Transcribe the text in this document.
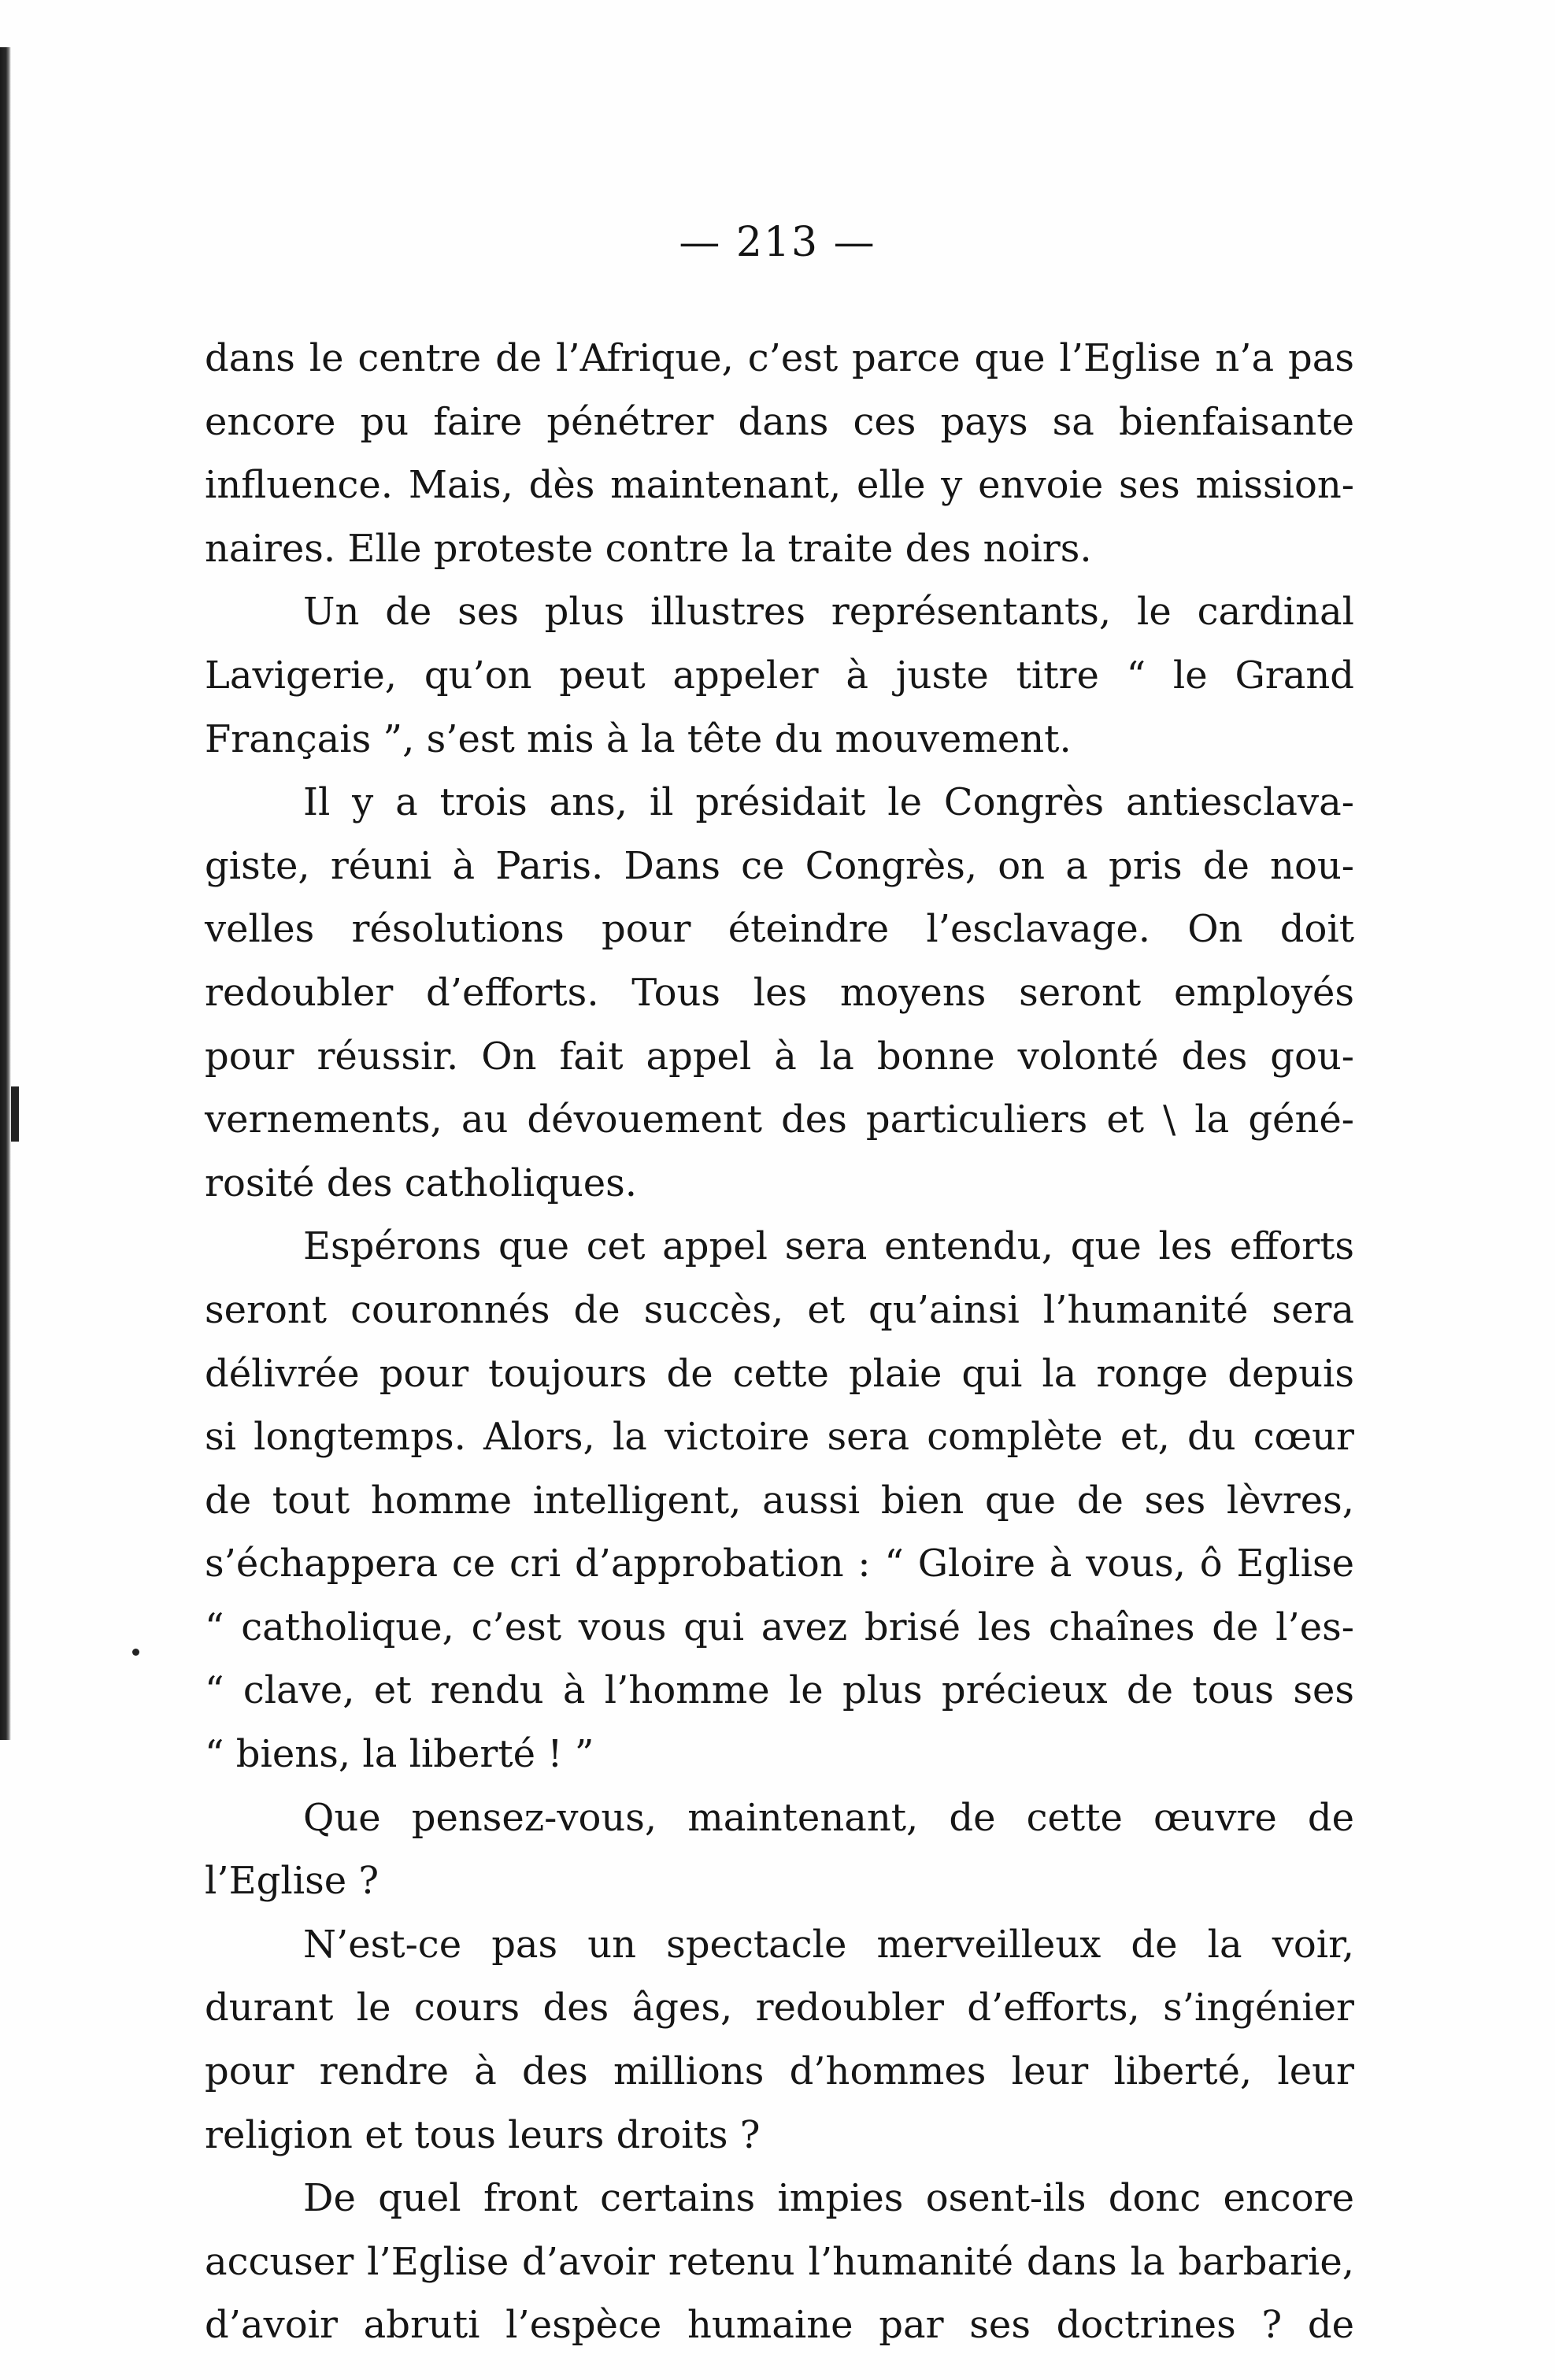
— 213 —

dans le centre de l’Afrique, c’est parce que l’Eglise n’a pas
encore pu faire pénétrer dans ces pays sa bienfaisante
influence. Mais, dès maintenant, elle y envoie ses mission-
naires. Elle proteste contre la traite des noirs.

Un de ses plus illustres représentants, le cardinal
Lavigerie, qu’on peut appeler à juste titre “ le Grand
Français ”, s’est mis à la tête du mouvement.

Il y a trois ans, il présidait le Congrès antiesclava-
giste, réuni à Paris. Dans ce Congrès, on a pris de nou-
velles résolutions pour éteindre l’esclavage. On doit
redoubler d’efforts. Tous les moyens seront employés
pour réussir. On fait appel à la bonne volonté des gou-
vernements, au dévouement des particuliers et \ la géné-
rosité des catholiques.

Espérons que cet appel sera entendu, que les efforts
seront couronnés de succès, et qu’ainsi l’humanité sera
délivrée pour toujours de cette plaie qui la ronge depuis
si longtemps. Alors, la victoire sera complète et, du cœur
de tout homme intelligent, aussi bien que de ses lèvres,
s’échappera ce cri d’approbation : “ Gloire à vous, ô Eglise
“ catholique, c’est vous qui avez brisé les chaînes de l’es-
“ clave, et rendu à l’homme le plus précieux de tous ses
“ biens, la liberté ! ”

Que pensez-vous, maintenant, de cette œuvre de
l’Eglise ?

N’est-ce pas un spectacle merveilleux de la voir,
durant le cours des âges, redoubler d’efforts, s’ingénier
pour rendre à des millions d’hommes leur liberté, leur
religion et tous leurs droits ?

De quel front certains impies osent-ils donc encore
accuser l’Eglise d’avoir retenu l’humanité dans la barbarie,
d’avoir abruti l’espèce humaine par ses doctrines ? de
